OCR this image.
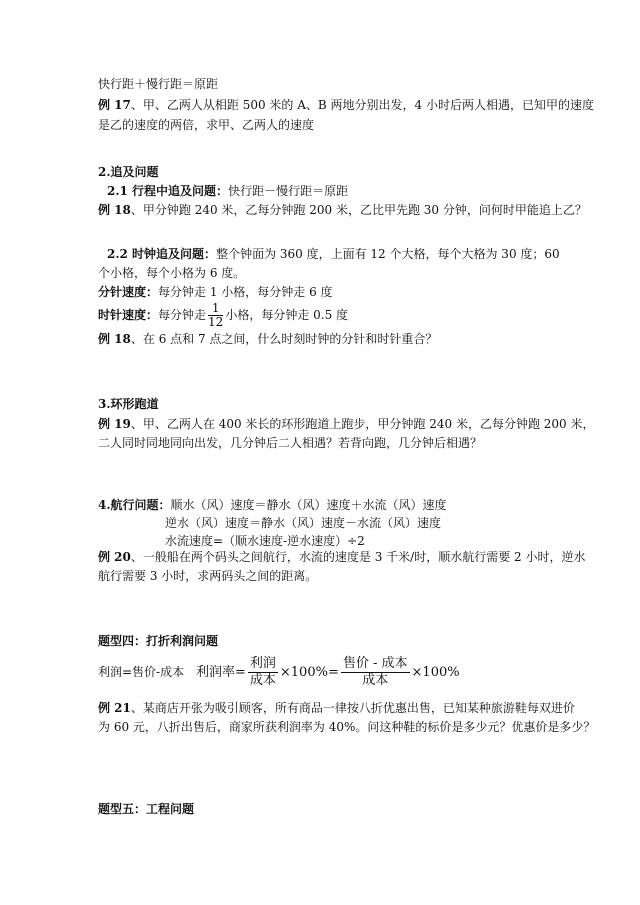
快行距＋慢行距＝原距
例 17、甲、乙两人从相距 500 米的 A、B 两地分别出发，4 小时后两人相遇，已知甲的速度
是乙的速度的两倍，求甲、乙两人的速度
2.追及问题
2.1 行程中追及问题：快行距－慢行距＝原距
例 18、甲分钟跑 240 米，乙每分钟跑 200 米，乙比甲先跑 30 分钟，问何时甲能追上乙？
2.2 时钟追及问题：整个钟面为 360 度，上面有 12 个大格，每个大格为 30 度；60
个小格，每个小格为 6 度。
分针速度：每分钟走 1 小格，每分钟走 6 度
时针速度：每分钟走 $\frac{1}{12}$ 小格，每分钟走 0.5 度
例 18、在 6 点和 7 点之间，什么时刻时钟的分针和时针重合？
3.环形跑道
例 19、甲、乙两人在 400 米长的环形跑道上跑步，甲分钟跑 240 米，乙每分钟跑 200 米，
二人同时同地同向出发，几分钟后二人相遇？若背向跑，几分钟后相遇？
4.航行问题：顺水（风）速度＝静水（风）速度＋水流（风）速度
逆水（风）速度＝静水（风）速度－水流（风）速度
水流速度=（顺水速度-逆水速度）÷2
例 20、一般船在两个码头之间航行，水流的速度是 3 千米/时，顺水航行需要 2 小时，逆水
航行需要 3 小时，求两码头之间的距离。
题型四：打折利润问题
利润=售价-成本 利润率= $\frac{\text{利润}}{\text{成本}} \times 100\%= \frac{\text{售价 - 成本}}{\text{成本}} \times 100\%$
例 21、某商店开张为吸引顾客，所有商品一律按八折优惠出售，已知某种旅游鞋每双进价
为 60 元，八折出售后，商家所获利润率为 40%。问这种鞋的标价是多少元？优惠价是多少？
题型五：工程问题
